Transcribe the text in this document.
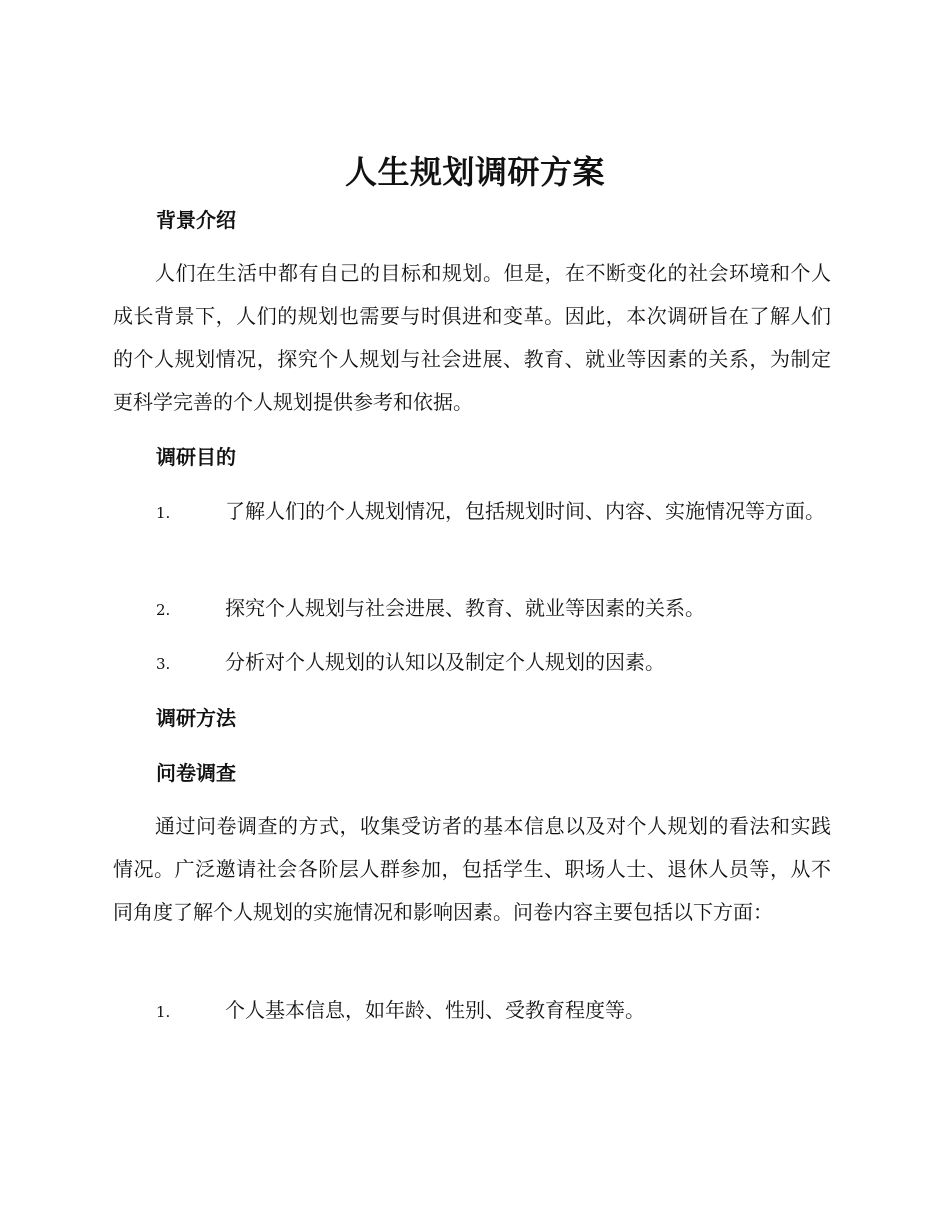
人生规划调研方案
背景介绍
人们在生活中都有自己的目标和规划。但是，在不断变化的社会环境和个人成长背景下，人们的规划也需要与时俱进和变革。因此，本次调研旨在了解人们的个人规划情况，探究个人规划与社会进展、教育、就业等因素的关系，为制定更科学完善的个人规划提供参考和依据。
调研目的
1.	了解人们的个人规划情况，包括规划时间、内容、实施情况等方面。
2.	探究个人规划与社会进展、教育、就业等因素的关系。
3.	分析对个人规划的认知以及制定个人规划的因素。
调研方法
问卷调查
通过问卷调查的方式，收集受访者的基本信息以及对个人规划的看法和实践情况。广泛邀请社会各阶层人群参加，包括学生、职场人士、退休人员等，从不同角度了解个人规划的实施情况和影响因素。问卷内容主要包括以下方面：
1.	个人基本信息，如年龄、性别、受教育程度等。
